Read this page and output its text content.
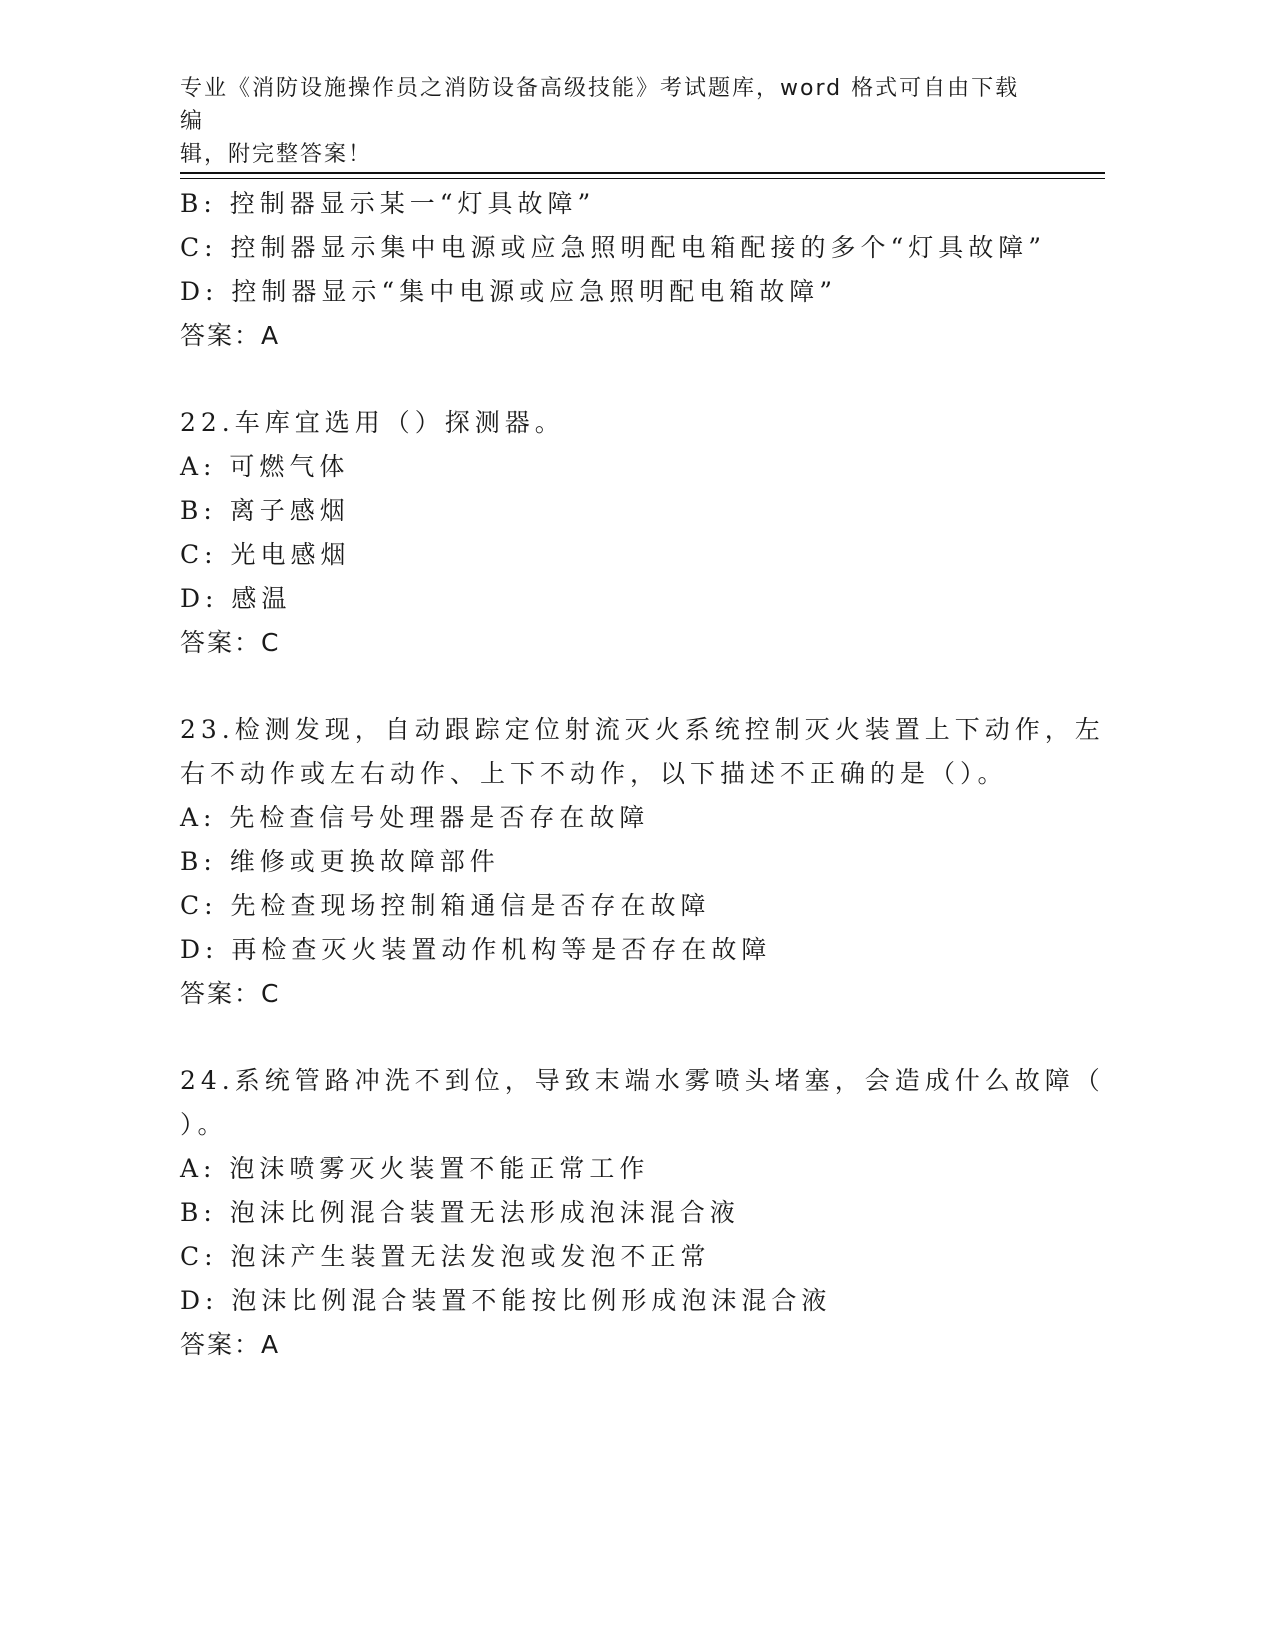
专业《消防设施操作员之消防设备高级技能》考试题库，word 格式可自由下载编
辑，附完整答案！
B: 控制器显示某一“灯具故障”
C: 控制器显示集中电源或应急照明配电箱配接的多个“灯具故障”
D: 控制器显示“集中电源或应急照明配电箱故障”
答案：A
22.车库宜选用（）探测器。
A: 可燃气体
B: 离子感烟
C: 光电感烟
D: 感温
答案：C
23.检测发现，自动跟踪定位射流灭火系统控制灭火装置上下动作，左
右不动作或左右动作、上下不动作，以下描述不正确的是（）。
A: 先检查信号处理器是否存在故障
B: 维修或更换故障部件
C: 先检查现场控制箱通信是否存在故障
D: 再检查灭火装置动作机构等是否存在故障
答案：C
24.系统管路冲洗不到位，导致末端水雾喷头堵塞，会造成什么故障（
）。
A: 泡沫喷雾灭火装置不能正常工作
B: 泡沫比例混合装置无法形成泡沫混合液
C: 泡沫产生装置无法发泡或发泡不正常
D: 泡沫比例混合装置不能按比例形成泡沫混合液
答案：A
